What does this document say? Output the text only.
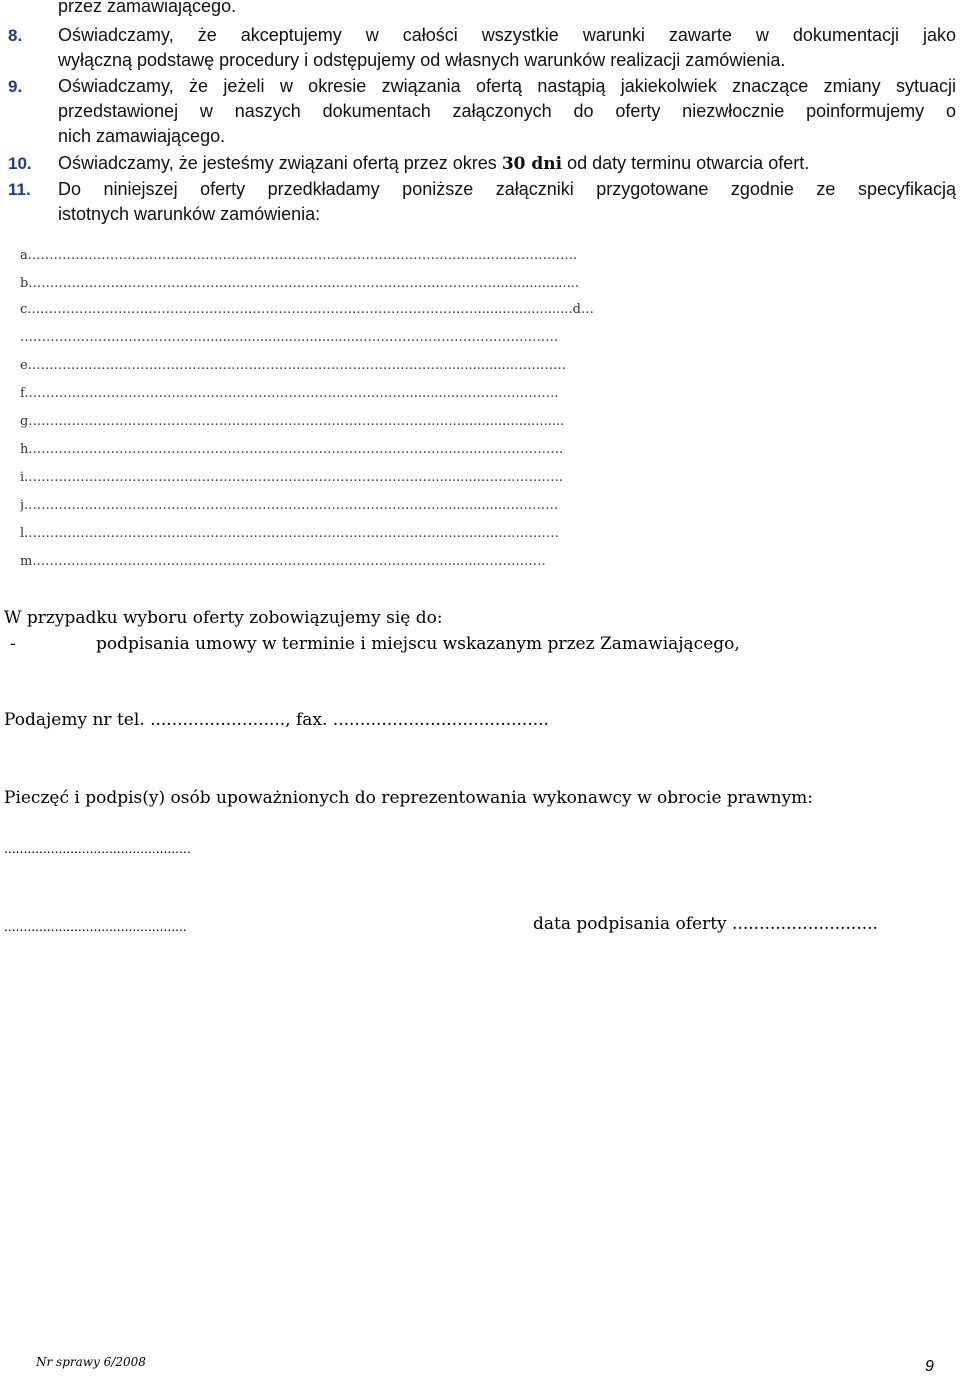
przez zamawiającego.
8. Oświadczamy, że akceptujemy w całości wszystkie warunki zawarte w dokumentacji jako
wyłączną podstawę procedury i odstępujemy od własnych warunków realizacji zamówienia.
9. Oświadczamy, że jeżeli w okresie związania ofertą nastąpią jakiekolwiek znaczące zmiany sytuacji
przedstawionej w naszych dokumentach załączonych do oferty niezwłocznie poinformujemy o
nich zamawiającego.
10. Oświadczamy, że jesteśmy związani ofertą przez okres 30 dni od daty terminu otwarcia ofert.
11. Do niniejszej oferty przedkładamy poniższe załączniki przygotowane zgodnie ze specyfikacją
istotnych warunków zamówienia:
a.…………………………………………………………………………………………...…………………
b.………………………………………………………………………………………………...................
c.…………………………………………………………………………………………........................d…
…………………………………….......................................………………………………………
e.……………………………………………………………………………………...............………….
f.……………………………………………………………………………..............………………….
g.……………………………………………………………………………………............................
h.……………………………………………………………………………………...........…………….
i.…………………………………………………………………………………............……………….
j.……………………………………………………………………………………...............…………
l.……………………………………………………………………………………............……………
m.…………………………………………………………………………………..........……………
W przypadku wyboru oferty zobowiązujemy się do:
-	podpisania umowy w terminie i miejscu wskazanym przez Zamawiającego,
Podajemy nr tel. ........................., fax. ........................................
Pieczęć i podpis(y) osób upoważnionych do reprezentowania wykonawcy w obrocie prawnym:
................................................
...............................................	data podpisania oferty ...........................
Nr sprawy 6/2008	9
